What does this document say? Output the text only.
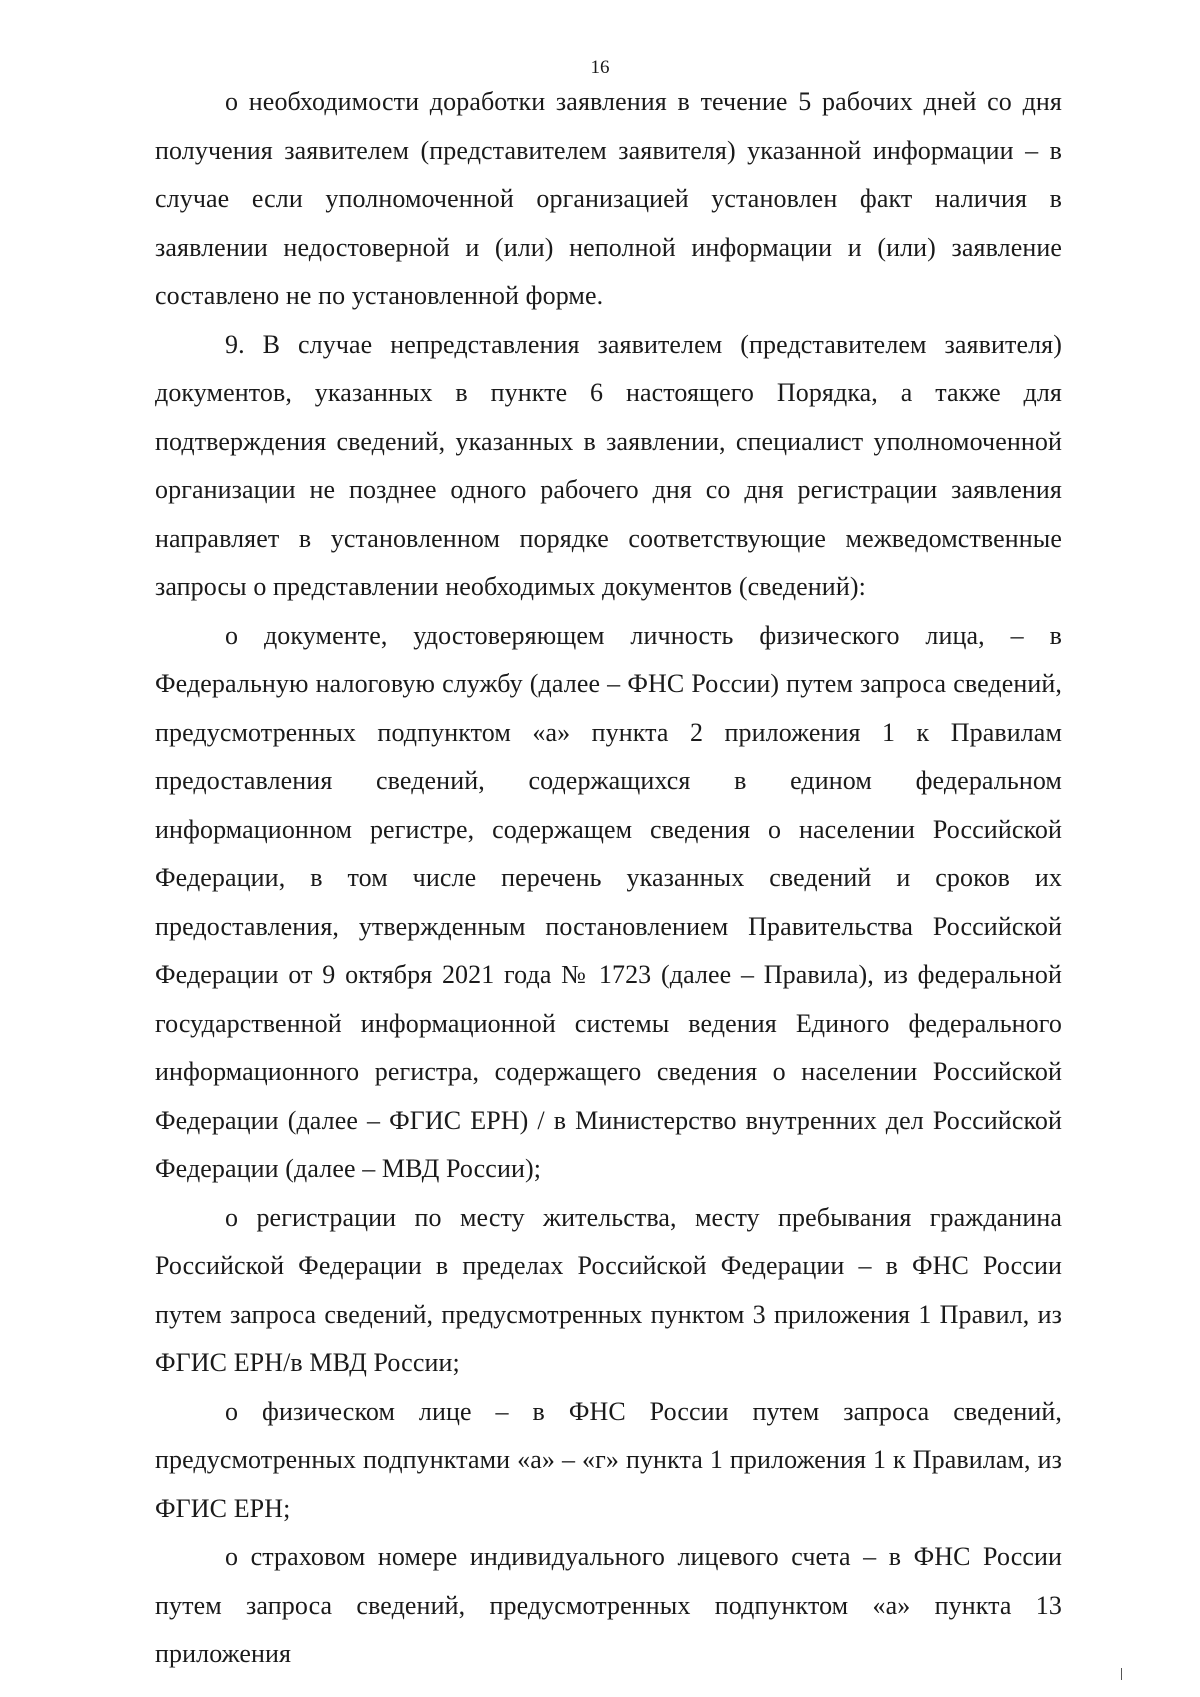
16

о необходимости доработки заявления в течение 5 рабочих дней со дня получения заявителем (представителем заявителя) указанной информации – в случае если уполномоченной организацией установлен факт наличия в заявлении недостоверной и (или) неполной информации и (или) заявление составлено не по установленной форме.

9. В случае непредставления заявителем (представителем заявителя) документов, указанных в пункте 6 настоящего Порядка, а также для подтверждения сведений, указанных в заявлении, специалист уполномоченной организации не позднее одного рабочего дня со дня регистрации заявления направляет в установленном порядке соответствующие межведомственные запросы о представлении необходимых документов (сведений):

о документе, удостоверяющем личность физического лица, – в Федеральную налоговую службу (далее – ФНС России) путем запроса сведений, предусмотренных подпунктом «а» пункта 2 приложения 1 к Правилам предоставления сведений, содержащихся в едином федеральном информационном регистре, содержащем сведения о населении Российской Федерации, в том числе перечень указанных сведений и сроков их предоставления, утвержденным постановлением Правительства Российской Федерации от 9 октября 2021 года № 1723 (далее – Правила), из федеральной государственной информационной системы ведения Единого федерального информационного регистра, содержащего сведения о населении Российской Федерации (далее – ФГИС ЕРН) / в Министерство внутренних дел Российской Федерации (далее – МВД России);

о регистрации по месту жительства, месту пребывания гражданина Российской Федерации в пределах Российской Федерации – в ФНС России путем запроса сведений, предусмотренных пунктом 3 приложения 1 Правил, из ФГИС ЕРН/в МВД России;

о физическом лице – в ФНС России путем запроса сведений, предусмотренных подпунктами «а» – «г» пункта 1 приложения 1 к Правилам, из ФГИС ЕРН;

о страховом номере индивидуального лицевого счета – в ФНС России путем запроса сведений, предусмотренных подпунктом «а» пункта 13 приложения
